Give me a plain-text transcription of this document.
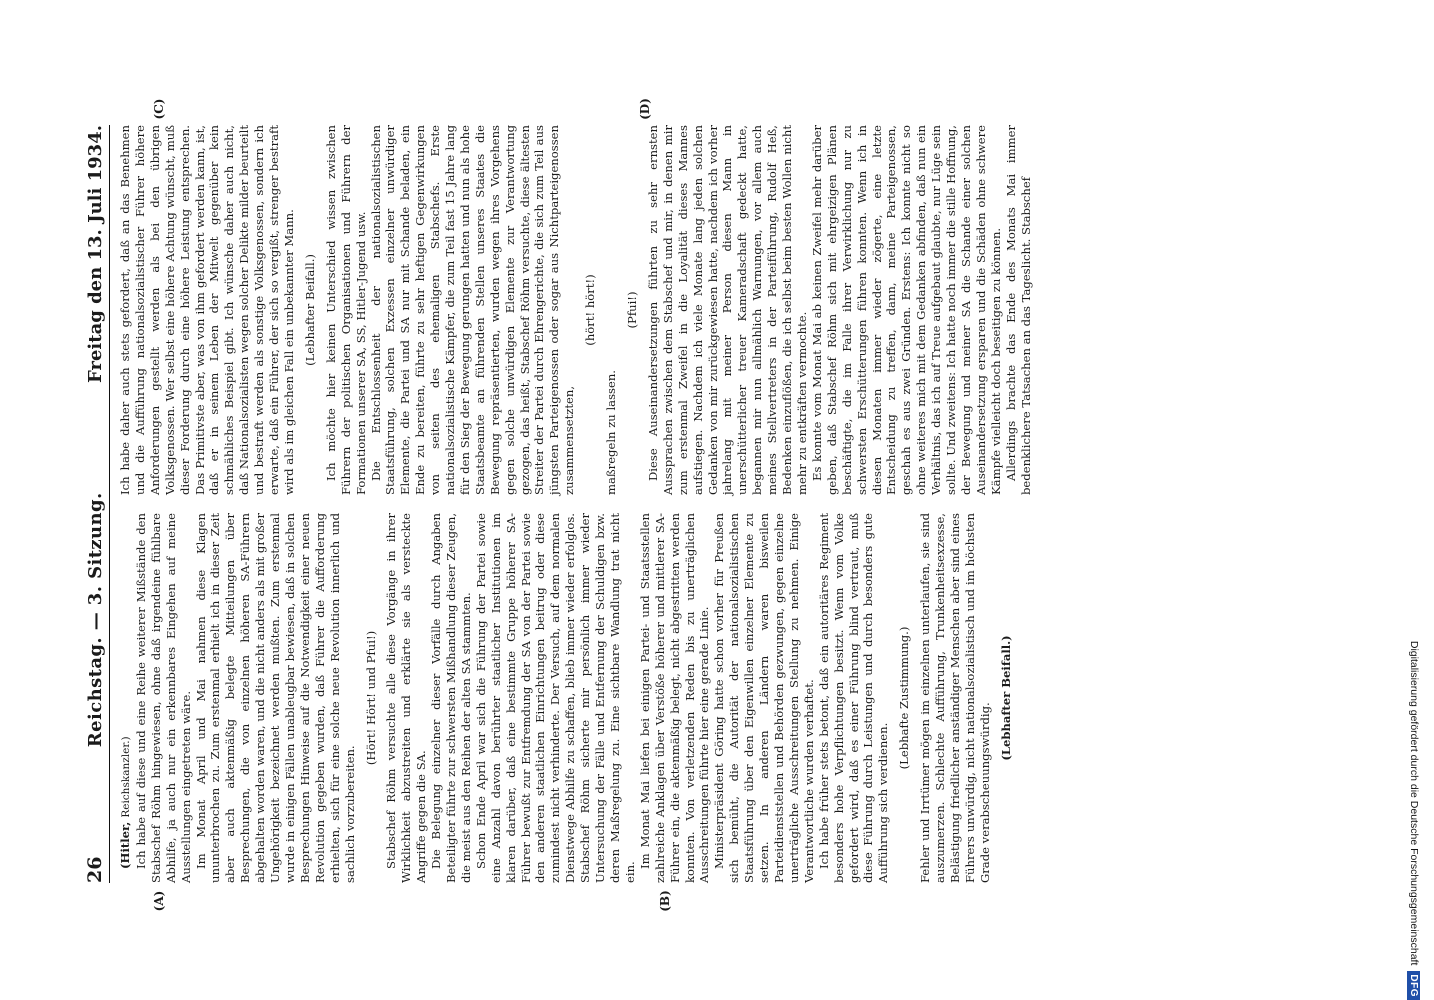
Digitalisierung gefördert durch die Deutsche Forschungsgemeinschaft
DFG
26
Reichstag. — 3. Sitzung.
Freitag den 13. Juli 1934.
(A)	(B)

(Hitler, Reichskanzler.) Ich habe auf diese und eine Reihe weiterer Mißstände den Stabschef Röhm hingewiesen, ohne daß irgendeine fühlbare Abhilfe, ja auch nur ein erkennbares Eingehen auf meine Ausstellungen eingetreten wäre. Im Monat April und Mai nahmen diese Klagen ununterbrochen zu. Zum erstenmal erhielt ich in dieser Zeit aber auch aktenmäßig belegte Mitteilungen über Besprechungen, die von einzelnen höheren SA-Führern abgehalten worden waren, und die nicht anders als mit großer Ungehörigkeit bezeichnet werden mußten. Zum erstenmal wurde in einigen Fällen unableugbar bewiesen, daß in solchen Besprechungen Hinweise auf die Notwendigkeit einer neuen Revolution gegeben wurden, daß Führer die Aufforderung erhielten, sich für eine solche neue Revolution innerlich und sachlich vorzubereiten.

(Hört! Hört! und Pfui!) Stabschef Röhm versuchte alle diese Vorgänge in ihrer Wirklichkeit abzustreiten und erklärte sie als versteckte Angriffe gegen die SA. Die Belegung einzelner dieser Vorfälle durch Angaben Beteiligter führte zur schwersten Mißhandlung dieser Zeugen, die meist aus den Reihen der alten SA stammten. Schon Ende April war sich die Führung der Partei sowie eine Anzahl davon berührter staatlicher Institutionen im klaren darüber, daß eine bestimmte Gruppe höherer SA-Führer bewußt zur Entfremdung der SA von der Partei sowie den anderen staatlichen Einrichtungen beitrug oder diese zumindest nicht verhinderte. Der Versuch, auf dem normalen Dienstwege Abhilfe zu schaffen, blieb immer wieder erfolglos. Stabschef Röhm sicherte mir persönlich immer wieder Untersuchung der Fälle und Entfernung der Schuldigen bzw. deren Maßregelung zu. Eine sichtbare Wandlung trat nicht ein.

Im Monat Mai liefen bei einigen Partei- und Staatsstellen zahlreiche Anklagen über Verstöße höherer und mittlerer SA-Führer ein, die aktenmäßig belegt, nicht abgestritten werden konnten. Von verletzenden Reden bis zu unerträglichen Ausschreitungen führte hier eine gerade Linie. Ministerpräsident Göring hatte schon vorher für Preußen sich bemüht, die Autorität der nationalsozialistischen Staatsführung über den Eigenwillen einzelner Elemente zu setzen. In anderen Ländern waren bisweilen Parteidienststellen und Behörden gezwungen, gegen einzelne unerträgliche Ausschreitungen Stellung zu nehmen. Einige Verantwortliche wurden verhaftet. Ich habe früher stets betont, daß ein autoritäres Regiment besonders hohe Verpflichtungen besitzt. Wenn vom Volke gefordert wird, daß es einer Führung blind vertraut, muß diese Führung durch Leistungen und durch besonders gute Aufführung sich verdienen.

(Lebhafte Zustimmung.) Fehler und Irrtümer mögen im einzelnen unterlaufen, sie sind auszumerzen. Schlechte Aufführung, Trunkenheitsexzesse, Belästigung friedlicher anständiger Menschen aber sind eines Führers unwürdig, nicht nationalsozialistisch und im höchsten Grade verabscheuungswürdig.

(Lebhafter Beifall.)

(C)	(D)

Ich habe daher auch stets gefordert, daß an das Benehmen und die Aufführung nationalsozialistischer Führer höhere Anforderungen gestellt werden als bei den übrigen Volksgenossen. Wer selbst eine höhere Achtung wünscht, muß dieser Forderung durch eine höhere Leistung entsprechen. Das Primitivste aber, was von ihm gefordert werden kann, ist, daß er in seinem Leben der Mitwelt gegenüber kein schmähliches Beispiel gibt. Ich wünsche daher auch nicht, daß Nationalsozialisten wegen solcher Delikte milder beurteilt und bestraft werden als sonstige Volksgenossen, sondern ich erwarte, daß ein Führer, der sich so vergißt, strenger bestraft wird als im gleichen Fall ein unbekannter Mann. (Lebhafter Beifall.) Ich möchte hier keinen Unterschied wissen zwischen Führern der politischen Organisationen und Führern der Formationen unserer SA, SS, Hitler-Jugend usw. Die Entschlossenheit der nationalsozialistischen Staatsführung, solchen Exzessen einzelner unwürdiger Elemente, die Partei und SA nur mit Schande beladen, ein Ende zu bereiten, führte zu sehr heftigen Gegenwirkungen von seiten des ehemaligen Stabschefs. Erste nationalsozialistische Kämpfer, die zum Teil fast 15 Jahre lang für den Sieg der Bewegung gerungen hatten und nun als hohe Staatsbeamte an führenden Stellen unseres Staates die Bewegung repräsentierten, wurden wegen ihres Vorgehens gegen solche unwürdigen Elemente zur Verantwortung gezogen, das heißt, Stabschef Röhm versuchte, diese ältesten Streiter der Partei durch Ehrengerichte, die sich zum Teil aus jüngsten Parteigenossen oder sogar aus Nichtparteigenossen zusammensetzten,

(hört! hört!)

maßregeln zu lassen.

(Pfui!) Diese Auseinandersetzungen führten zu sehr ernsten Aussprachen zwischen dem Stabschef und mir, in denen mir zum erstenmal Zweifel in die Loyalität dieses Mannes aufstiegen. Nachdem ich viele Monate lang jeden solchen Gedanken von mir zurückgewiesen hatte, nachdem ich vorher jahrelang mit meiner Person diesen Mann in unerschütterlicher treuer Kameradschaft gedeckt hatte, begannen mir nun allmählich Warnungen, vor allem auch meines Stellvertreters in der Parteiführung, Rudolf Heß, Bedenken einzuflößen, die ich selbst beim besten Wollen nicht mehr zu entkräften vermochte. Es konnte vom Monat Mai ab keinen Zweifel mehr darüber geben, daß Stabschef Röhm sich mit ehrgeizigen Plänen beschäftigte, die im Falle ihrer Verwirklichung nur zu schwersten Erschütterungen führen konnten. Wenn ich in diesen Monaten immer wieder zögerte, eine letzte Entscheidung zu treffen, dann, meine Parteigenossen, geschah es aus zwei Gründen. Erstens: Ich konnte nicht so ohne weiteres mich mit dem Gedanken abfinden, daß nun ein Verhältnis, das ich auf Treue aufgebaut glaubte, nur Lüge sein sollte. Und zweitens: Ich hatte noch immer die stille Hoffnung, der Bewegung und meiner SA die Schande einer solchen Auseinandersetzung ersparen und die Schäden ohne schwere Kämpfe vielleicht doch beseitigen zu können. Allerdings brachte das Ende des Monats Mai immer bedenklichere Tatsachen an das Tageslicht. Stabschef
